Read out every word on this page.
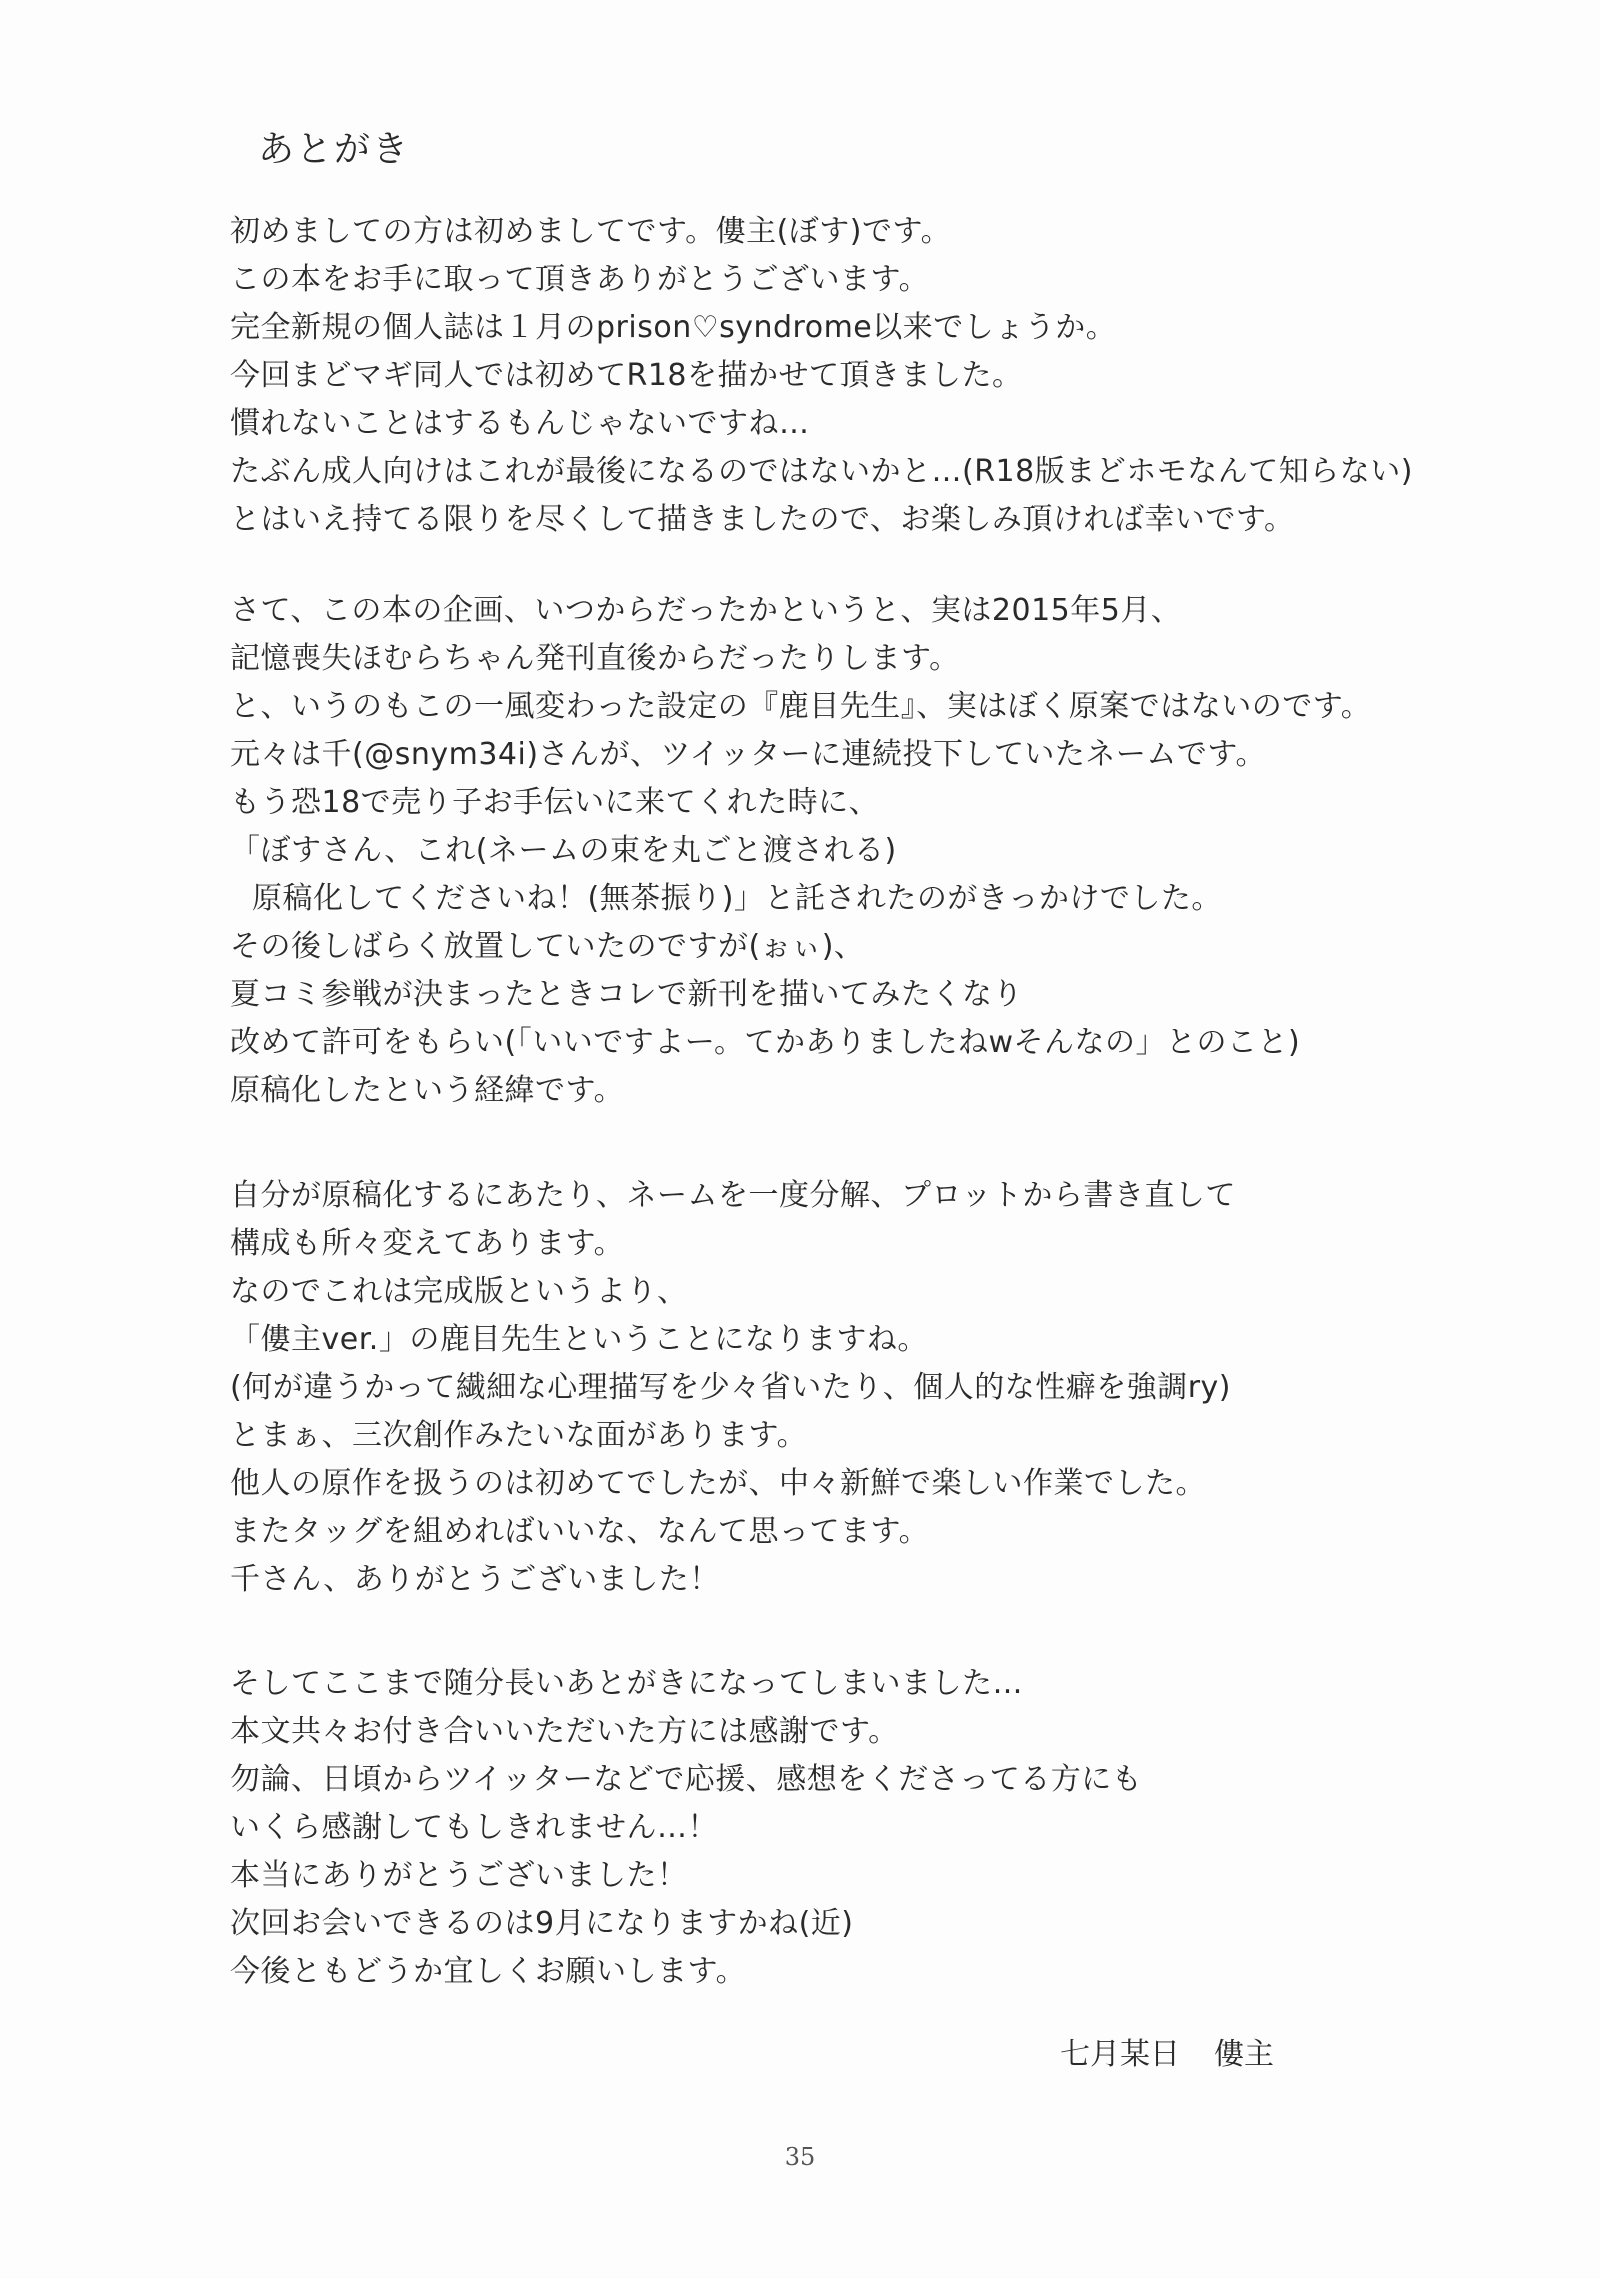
あとがき
初めましての方は初めましてです。僂主(ぼす)です。
この本をお手に取って頂きありがとうございます。
完全新規の個人誌は１月のprison♡syndrome以来でしょうか。
今回まどマギ同人では初めてR18を描かせて頂きました。
慣れないことはするもんじゃないですね…
たぶん成人向けはこれが最後になるのではないかと…(R18版まどホモなんて知らない)
とはいえ持てる限りを尽くして描きましたので、お楽しみ頂ければ幸いです。
さて、この本の企画、いつからだったかというと、実は2015年5月、
記憶喪失ほむらちゃん発刊直後からだったりします。
と、いうのもこの一風変わった設定の『鹿目先生』、実はぼく原案ではないのです。
元々は千(@snym34i)さんが、ツイッターに連続投下していたネームです。
もう恐18で売り子お手伝いに来てくれた時に、
「ぼすさん、これ(ネームの束を丸ごと渡される)
原稿化してくださいね！(無茶振り)」と託されたのがきっかけでした。
その後しばらく放置していたのですが(ぉぃ)、
夏コミ参戦が決まったときコレで新刊を描いてみたくなり
改めて許可をもらい(「いいですよー。てかありましたねwそんなの」とのこと)
原稿化したという経緯です。
自分が原稿化するにあたり、ネームを一度分解、プロットから書き直して
構成も所々変えてあります。
なのでこれは完成版というより、
「僂主ver.」の鹿目先生ということになりますね。
(何が違うかって繊細な心理描写を少々省いたり、個人的な性癖を強調ry)
とまぁ、三次創作みたいな面があります。
他人の原作を扱うのは初めてでしたが、中々新鮮で楽しい作業でした。
またタッグを組めればいいな、なんて思ってます。
千さん、ありがとうございました！
そしてここまで随分長いあとがきになってしまいました…
本文共々お付き合いいただいた方には感謝です。
勿論、日頃からツイッターなどで応援、感想をくださってる方にも
いくら感謝してもしきれません…！
本当にありがとうございました！
次回お会いできるのは9月になりますかね(近)
今後ともどうか宜しくお願いします。
七月某日 僂主
35
